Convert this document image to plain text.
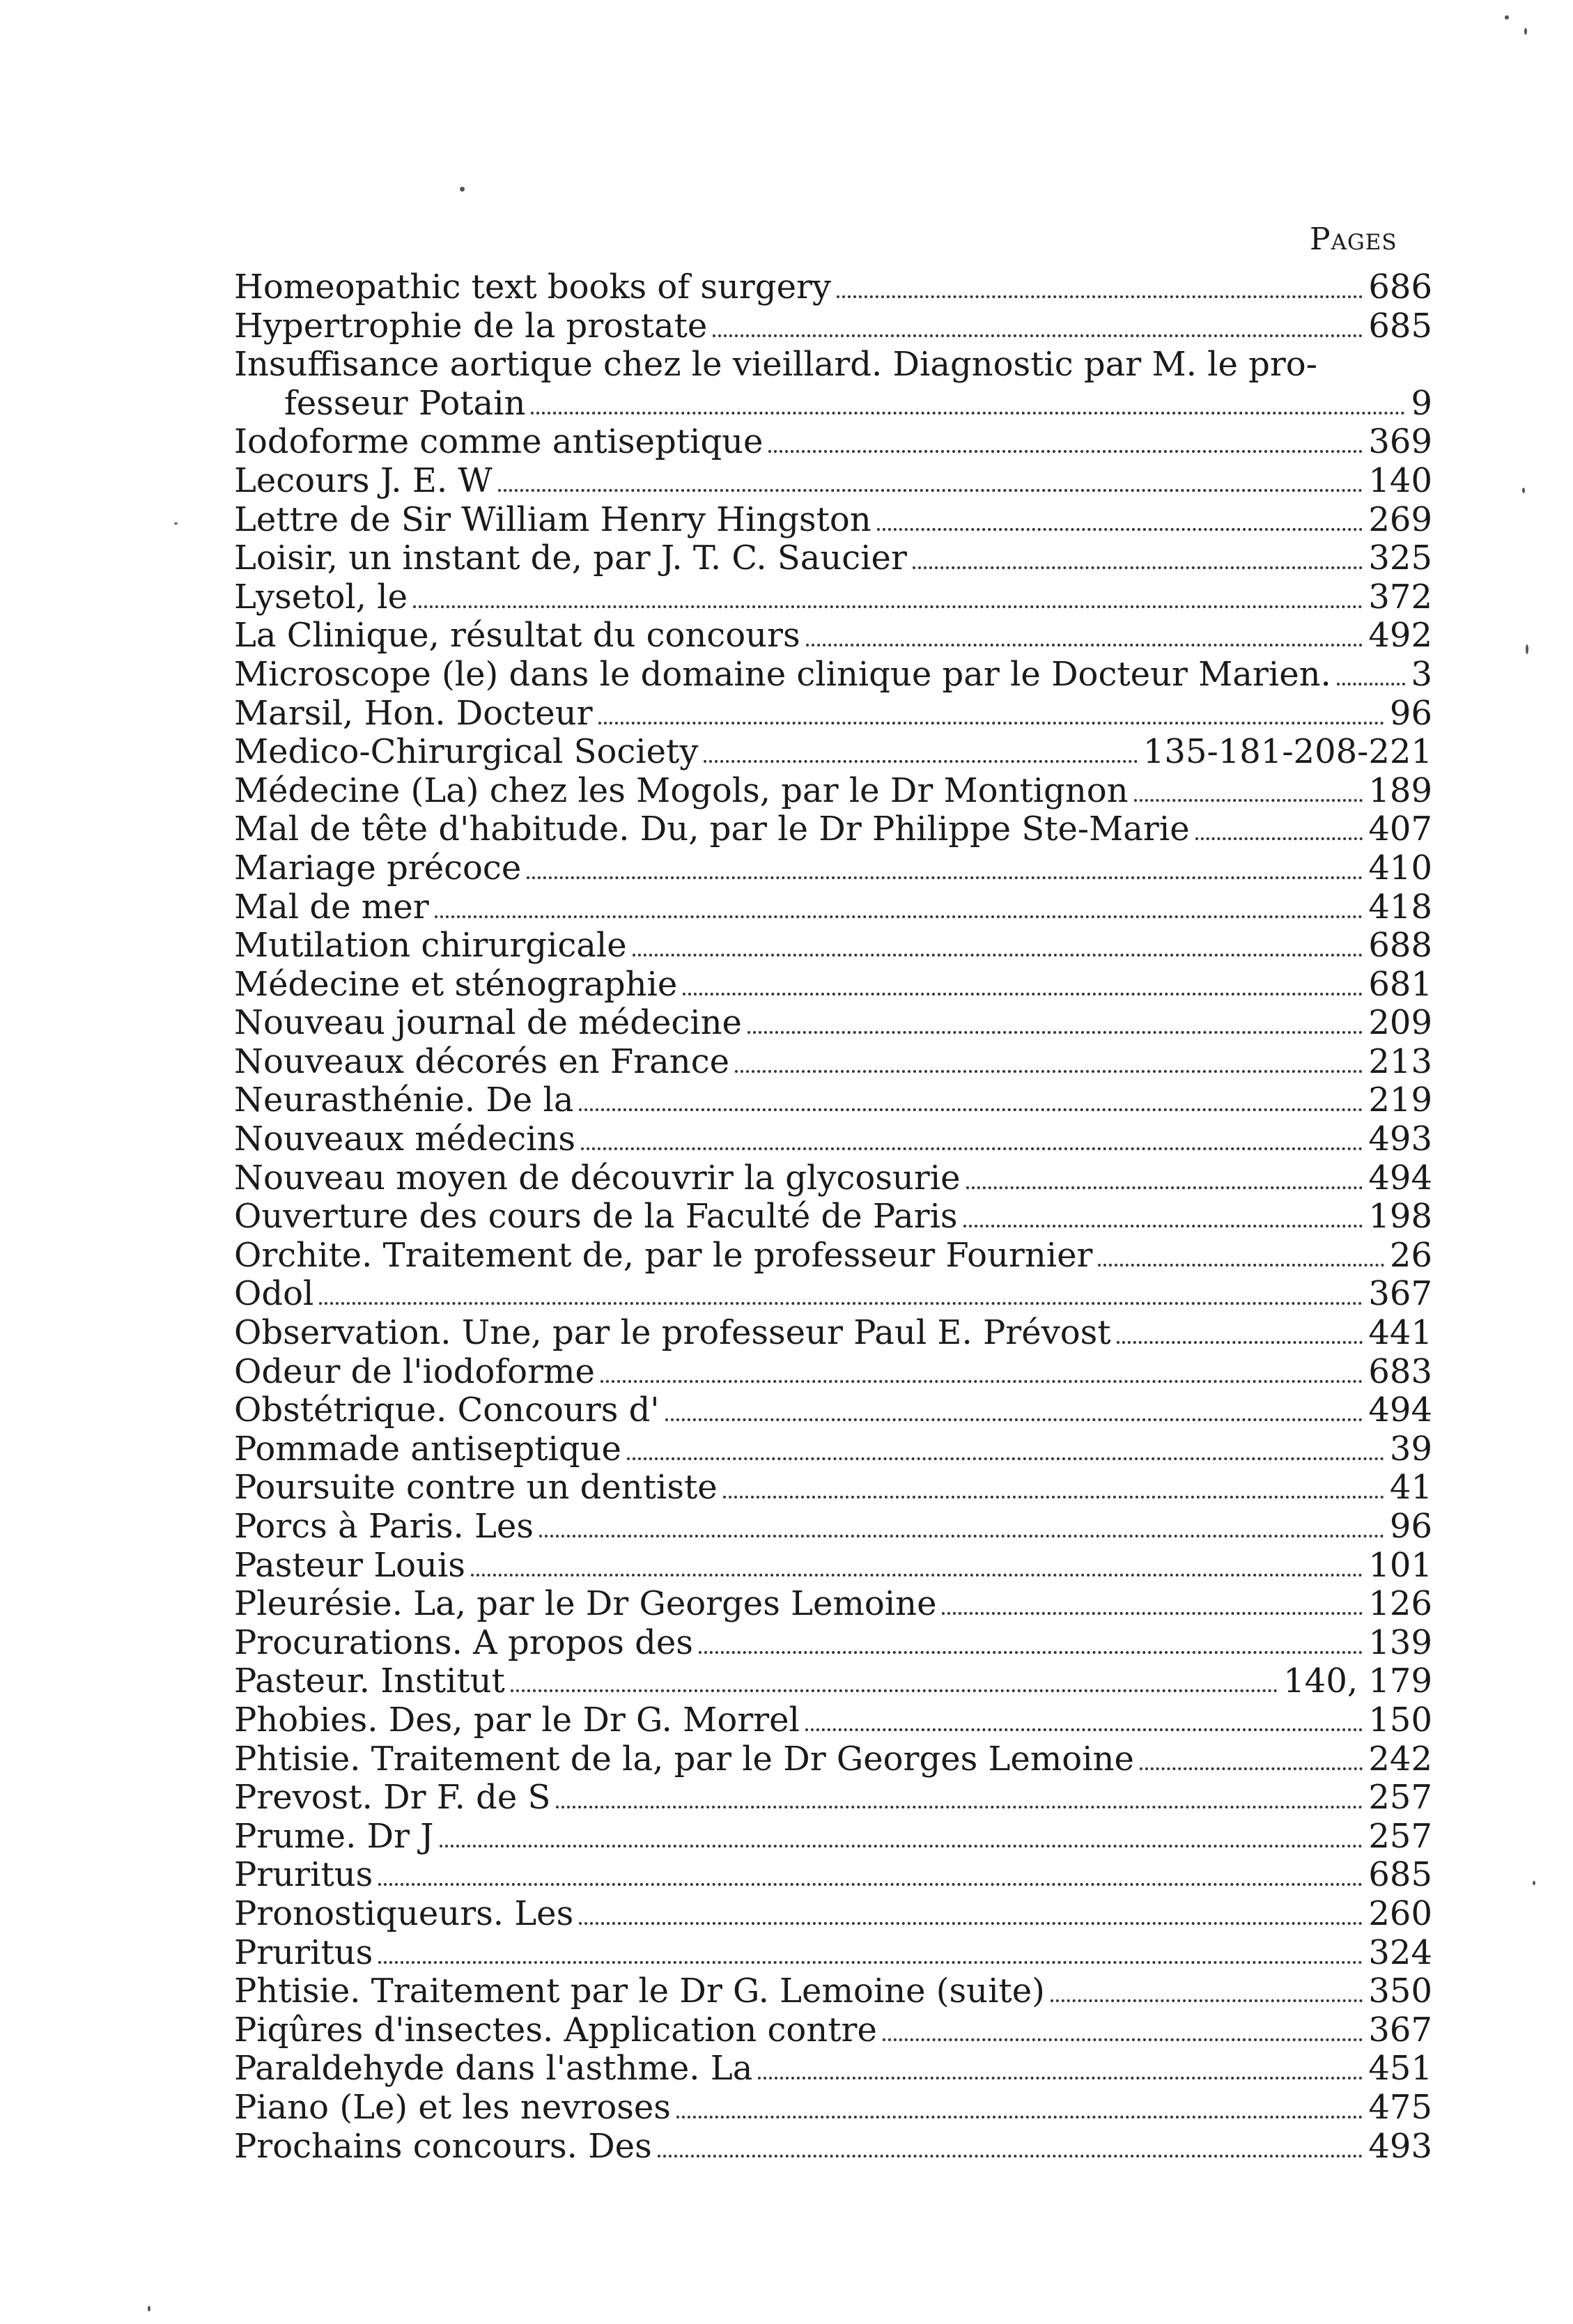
Pages
Homeopathic text books of surgery	686
Hypertrophie de la prostate	685
Insuffisance aortique chez le vieillard. Diagnostic par M. le pro-
fesseur Potain	9
Iodoforme comme antiseptique	369
Lecours J. E. W	140
Lettre de Sir William Henry Hingston	269
Loisir, un instant de, par J. T. C. Saucier	325
Lysetol, le	372
La Clinique, résultat du concours	492
Microscope (le) dans le domaine clinique par le Docteur Marien. 3
Marsil, Hon. Docteur	96
Medico-Chirurgical Society	135-181-208-221
Médecine (La) chez les Mogols, par le Dr Montignon	189
Mal de tête d'habitude. Du, par le Dr Philippe Ste-Marie	407
Mariage précoce	410
Mal de mer	418
Mutilation chirurgicale	688
Médecine et sténographie	681
Nouveau journal de médecine	209
Nouveaux décorés en France	213
Neurasthénie. De la	219
Nouveaux médecins	493
Nouveau moyen de découvrir la glycosurie	494
Ouverture des cours de la Faculté de Paris	198
Orchite. Traitement de, par le professeur Fournier	26
Odol	367
Observation. Une, par le professeur Paul E. Prévost	441
Odeur de l'iodoforme	683
Obstétrique. Concours d'	494
Pommade antiseptique	39
Poursuite contre un dentiste	41
Porcs à Paris. Les	96
Pasteur Louis	101
Pleurésie. La, par le Dr Georges Lemoine	126
Procurations. A propos des	139
Pasteur. Institut	140, 179
Phobies. Des, par le Dr G. Morrel	150
Phtisie. Traitement de la, par le Dr Georges Lemoine	242
Prevost. Dr F. de S	257
Prume. Dr J	257
Pruritus	685
Pronostiqueurs. Les	260
Pruritus	324
Phtisie. Traitement par le Dr G. Lemoine (suite)	350
Piqûres d'insectes. Application contre	367
Paraldehyde dans l'asthme. La	451
Piano (Le) et les nevroses	475
Prochains concours. Des	493
